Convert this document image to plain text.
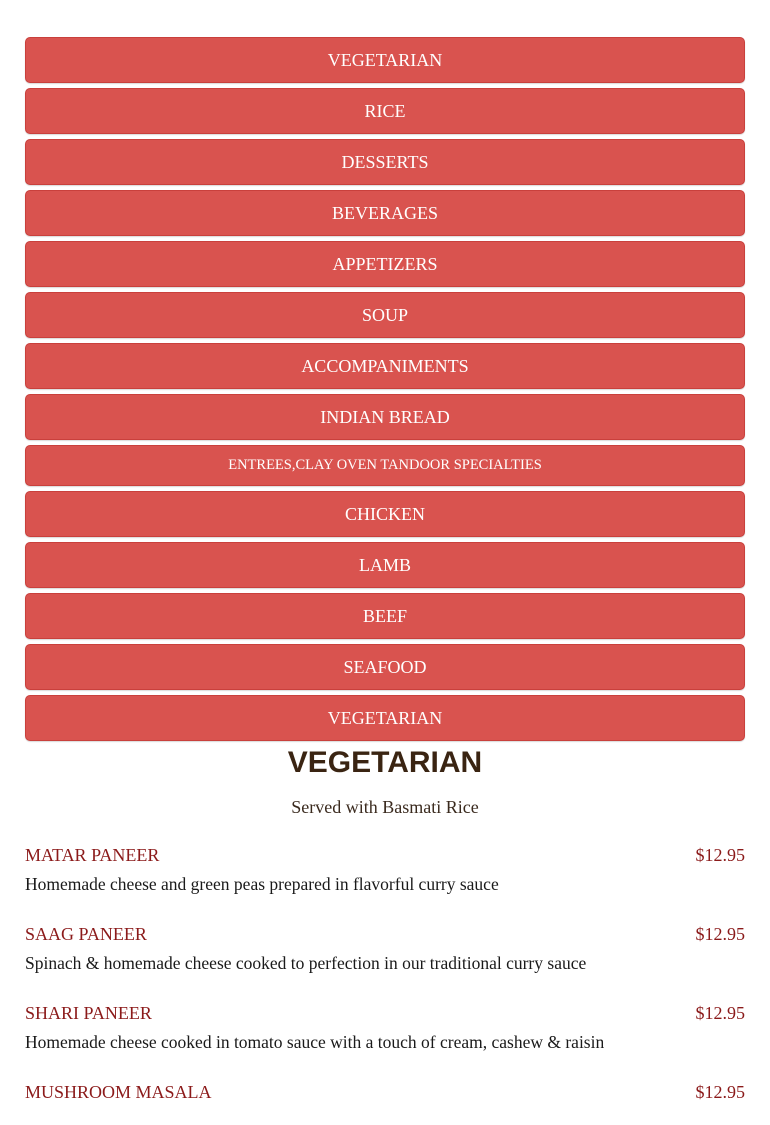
VEGETARIAN
RICE
DESSERTS
BEVERAGES
APPETIZERS
SOUP
ACCOMPANIMENTS
INDIAN BREAD
ENTREES,CLAY OVEN TANDOOR SPECIALTIES
CHICKEN
LAMB
BEEF
SEAFOOD
VEGETARIAN
VEGETARIAN
Served with Basmati Rice
MATAR PANEER	$12.95
Homemade cheese and green peas prepared in flavorful curry sauce
SAAG PANEER	$12.95
Spinach & homemade cheese cooked to perfection in our traditional curry sauce
SHARI PANEER	$12.95
Homemade cheese cooked in tomato sauce with a touch of cream, cashew & raisin
MUSHROOM MASALA	$12.95
